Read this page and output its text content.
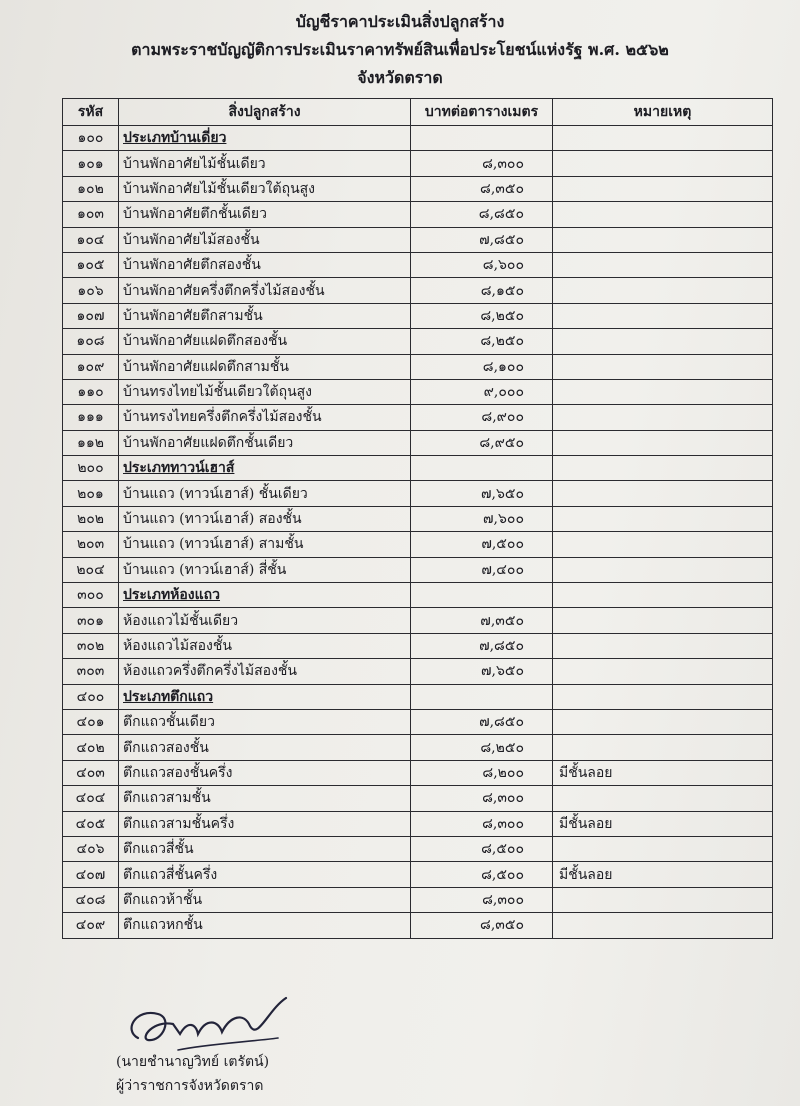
บัญชีราคาประเมินสิ่งปลูกสร้าง
ตามพระราชบัญญัติการประเมินราคาทรัพย์สินเพื่อประโยชน์แห่งรัฐ พ.ศ. ๒๕๖๒
จังหวัดตราด
รหัส	สิ่งปลูกสร้าง	บาทต่อตารางเมตร	หมายเหตุ
๑๐๐	ประเภทบ้านเดี่ยว		
๑๐๑	บ้านพักอาศัยไม้ชั้นเดียว	๘,๓๐๐	
๑๐๒	บ้านพักอาศัยไม้ชั้นเดียวใต้ถุนสูง	๘,๓๕๐	
๑๐๓	บ้านพักอาศัยตึกชั้นเดียว	๘,๘๕๐	
๑๐๔	บ้านพักอาศัยไม้สองชั้น	๗,๘๕๐	
๑๐๕	บ้านพักอาศัยตึกสองชั้น	๘,๖๐๐	
๑๐๖	บ้านพักอาศัยครึ่งตึกครึ่งไม้สองชั้น	๘,๑๕๐	
๑๐๗	บ้านพักอาศัยตึกสามชั้น	๘,๒๕๐	
๑๐๘	บ้านพักอาศัยแฝดตึกสองชั้น	๘,๒๕๐	
๑๐๙	บ้านพักอาศัยแฝดตึกสามชั้น	๘,๑๐๐	
๑๑๐	บ้านทรงไทยไม้ชั้นเดียวใต้ถุนสูง	๙,๐๐๐	
๑๑๑	บ้านทรงไทยครึ่งตึกครึ่งไม้สองชั้น	๘,๙๐๐	
๑๑๒	บ้านพักอาศัยแฝดตึกชั้นเดียว	๘,๙๕๐	
๒๐๐	ประเภททาวน์เฮาส์		
๒๐๑	บ้านแถว (ทาวน์เฮาส์) ชั้นเดียว	๗,๖๕๐	
๒๐๒	บ้านแถว (ทาวน์เฮาส์) สองชั้น	๗,๖๐๐	
๒๐๓	บ้านแถว (ทาวน์เฮาส์) สามชั้น	๗,๕๐๐	
๒๐๔	บ้านแถว (ทาวน์เฮาส์) สี่ชั้น	๗,๔๐๐	
๓๐๐	ประเภทห้องแถว		
๓๐๑	ห้องแถวไม้ชั้นเดียว	๗,๓๕๐	
๓๐๒	ห้องแถวไม้สองชั้น	๗,๘๕๐	
๓๐๓	ห้องแถวครึ่งตึกครึ่งไม้สองชั้น	๗,๖๕๐	
๔๐๐	ประเภทตึกแถว		
๔๐๑	ตึกแถวชั้นเดียว	๗,๘๕๐	
๔๐๒	ตึกแถวสองชั้น	๘,๒๕๐	
๔๐๓	ตึกแถวสองชั้นครึ่ง	๘,๒๐๐	มีชั้นลอย
๔๐๔	ตึกแถวสามชั้น	๘,๓๐๐	
๔๐๕	ตึกแถวสามชั้นครึ่ง	๘,๓๐๐	มีชั้นลอย
๔๐๖	ตึกแถวสี่ชั้น	๘,๕๐๐	
๔๐๗	ตึกแถวสี่ชั้นครึ่ง	๘,๕๐๐	มีชั้นลอย
๔๐๘	ตึกแถวห้าชั้น	๘,๓๐๐	
๔๐๙	ตึกแถวหกชั้น	๘,๓๕๐	
(นายชำนาญวิทย์ เตรัตน์)
ผู้ว่าราชการจังหวัดตราด
